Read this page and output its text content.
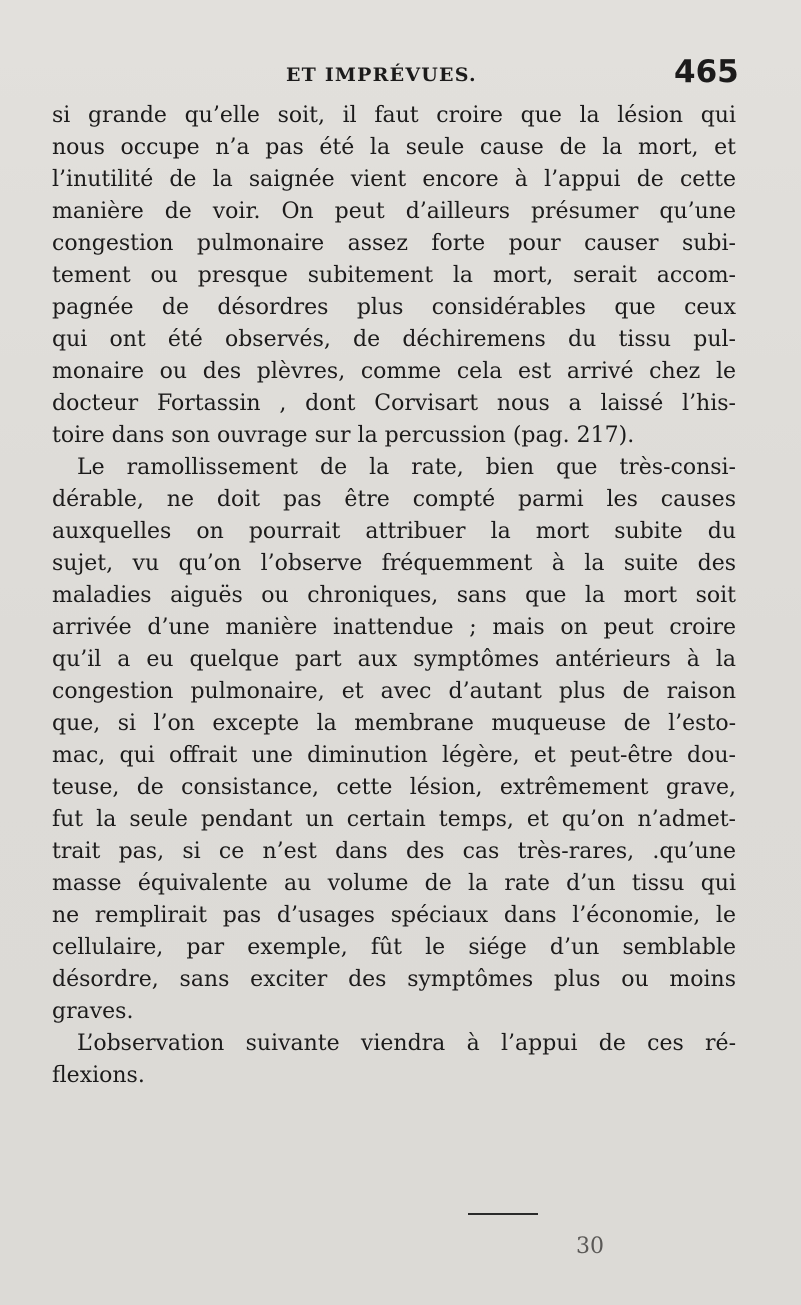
ET IMPRÉVUES.	465
si grande qu’elle soit, il faut croire que la lésion qui
nous occupe n’a pas été la seule cause de la mort, et
l’inutilité de la saignée vient encore à l’appui de cette
manière de voir. On peut d’ailleurs présumer qu’une
congestion pulmonaire assez forte pour causer subi-
tement ou presque subitement la mort, serait accom-
pagnée de désordres plus considérables que ceux
qui ont été observés, de déchiremens du tissu pul-
monaire ou des plèvres, comme cela est arrivé chez le
docteur Fortassin , dont Corvisart nous a laissé l’his-
toire dans son ouvrage sur la percussion (pag. 217).
Le ramollissement de la rate, bien que très-consi-
dérable, ne doit pas être compté parmi les causes
auxquelles on pourrait attribuer la mort subite du
sujet, vu qu’on l’observe fréquemment à la suite des
maladies aiguës ou chroniques, sans que la mort soit
arrivée d’une manière inattendue ; mais on peut croire
qu’il a eu quelque part aux symptômes antérieurs à la
congestion pulmonaire, et avec d’autant plus de raison
que, si l’on excepte la membrane muqueuse de l’esto-
mac, qui offrait une diminution légère, et peut-être dou-
teuse, de consistance, cette lésion, extrêmement grave,
fut la seule pendant un certain temps, et qu’on n’admet-
trait pas, si ce n’est dans des cas très-rares, .qu’une
masse équivalente au volume de la rate d’un tissu qui
ne remplirait pas d’usages spéciaux dans l’économie, le
cellulaire, par exemple, fût le siége d’un semblable
désordre, sans exciter des symptômes plus ou moins
graves.
L’observation suivante viendra à l’appui de ces ré-
flexions.
30
